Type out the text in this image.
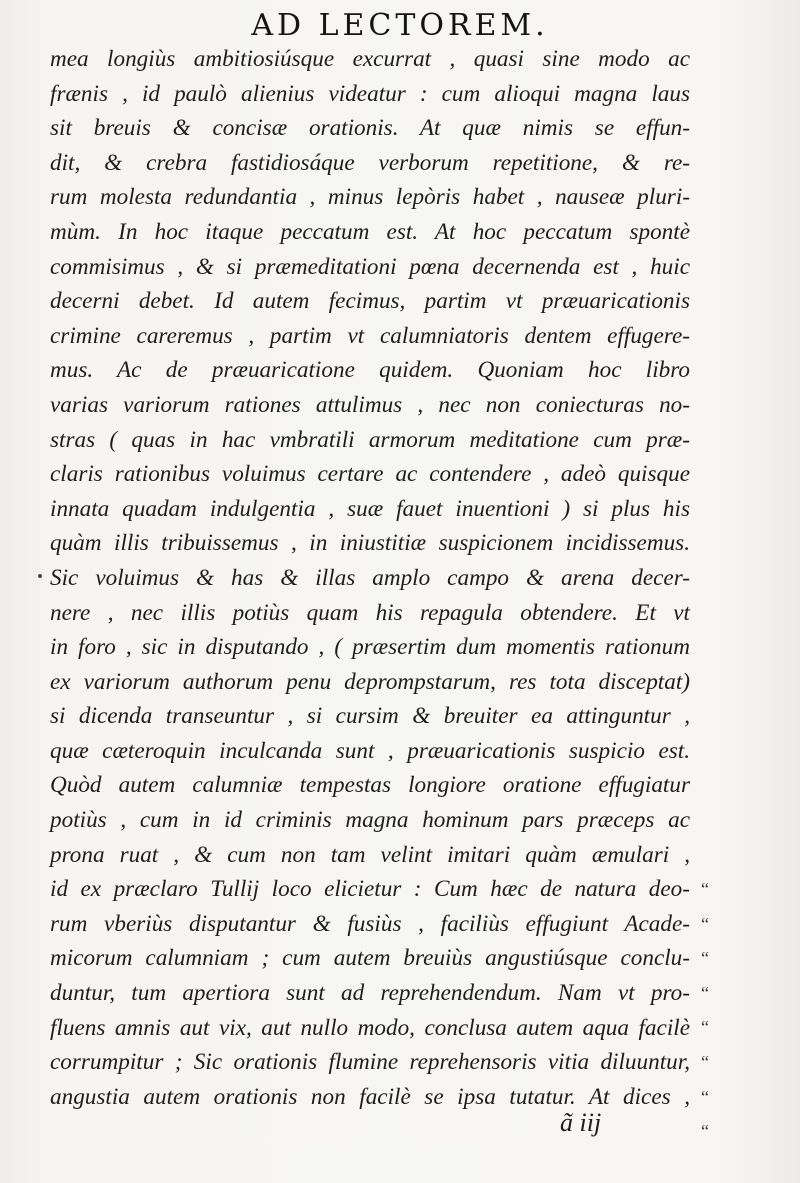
AD LECTOREM.
mea longiùs ambitiosiúsque excurrat , quasi sine modo ac
frænis , id paulò alienius videatur : cum alioqui magna laus
sit breuis & concisæ orationis. At quæ nimis se effun-
dit, & crebra fastidiosáque verborum repetitione, & re-
rum molesta redundantia , minus lepòris habet , nauseæ pluri-
mùm. In hoc itaque peccatum est. At hoc peccatum spontè
commisimus , & si præmeditationi pœna decernenda est , huic
decerni debet. Id autem fecimus, partim vt præuaricationis
crimine careremus , partim vt calumniatoris dentem effugere-
mus. Ac de præuaricatione quidem. Quoniam hoc libro
varias variorum rationes attulimus , nec non coniecturas no-
stras ( quas in hac vmbratili armorum meditatione cum præ-
claris rationibus voluimus certare ac contendere , adeò quisque
innata quadam indulgentia , suæ fauet inuentioni ) si plus his
quàm illis tribuissemus , in iniustitiæ suspicionem incidissemus.
Sic voluimus & has & illas amplo campo & arena decer-
nere , nec illis potiùs quam his repagula obtendere. Et vt
in foro , sic in disputando , ( præsertim dum momentis rationum
ex variorum authorum penu deprompstarum, res tota disceptat)
si dicenda transeuntur , si cursim & breuiter ea attinguntur ,
quæ cæteroquin inculcanda sunt , præuaricationis suspicio est.
Quòd autem calumniæ tempestas longiore oratione effugiatur
potiùs , cum in id criminis magna hominum pars præceps ac
prona ruat , & cum non tam velint imitari quàm æmulari ,
id ex præclaro Tullij loco elicietur : Cum hæc de natura deo-
rum vberiùs disputantur & fusiùs , faciliùs effugiunt Acade-
micorum calumniam ; cum autem breuiùs angustiúsque conclu-
duntur, tum apertiora sunt ad reprehendendum. Nam vt pro-
fluens amnis aut vix, aut nullo modo, conclusa autem aqua facilè
corrumpitur ; Sic orationis flumine reprehensoris vitia diluuntur,
angustia autem orationis non facilè se ipsa tutatur. At dices ,
“
“
“
“
“
“
“
“
ã iij
